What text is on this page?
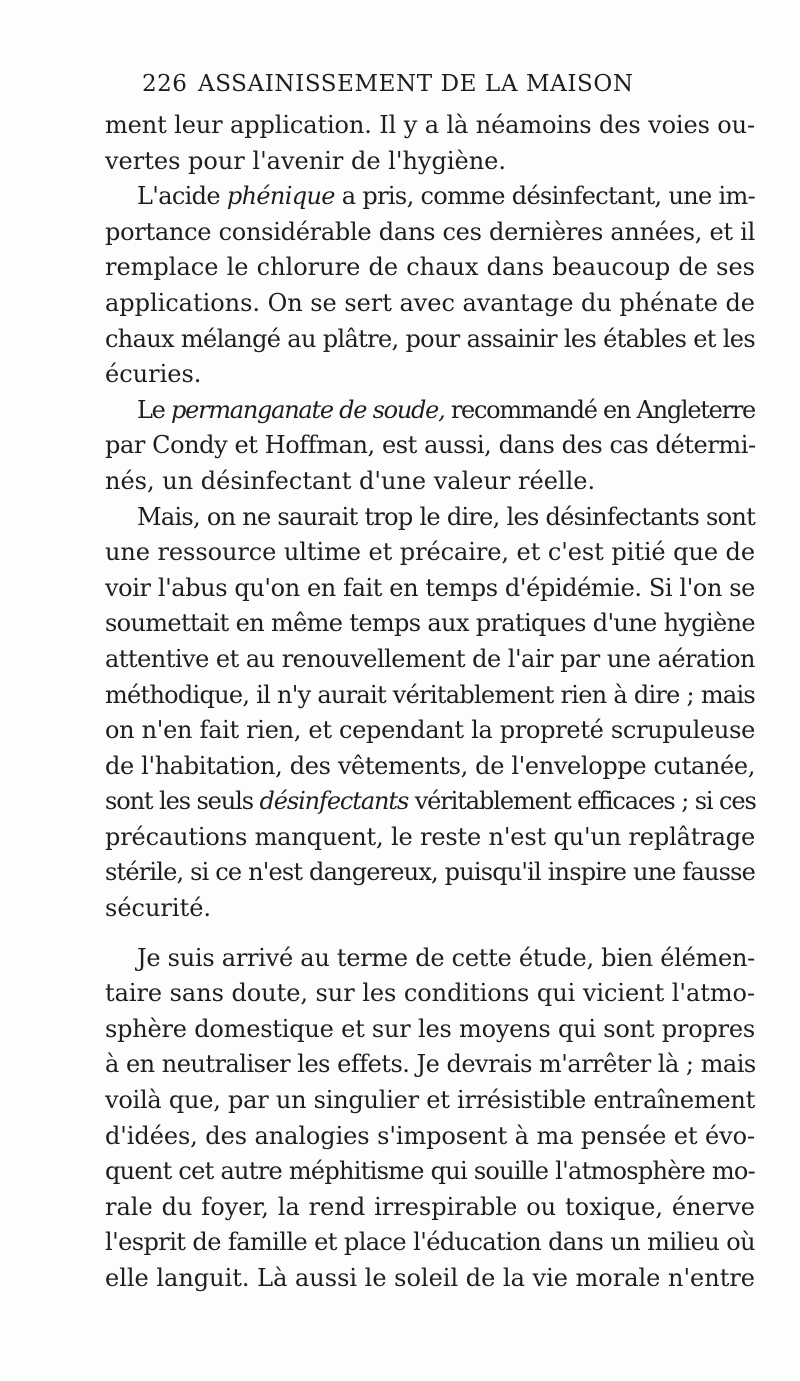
226 ASSAINISSEMENT DE LA MAISON
ment leur application. Il y a là néamoins des voies ou-
vertes pour l'avenir de l'hygiène.
L'acide phénique a pris, comme désinfectant, une im-
portance considérable dans ces dernières années, et il
remplace le chlorure de chaux dans beaucoup de ses
applications. On se sert avec avantage du phénate de
chaux mélangé au plâtre, pour assainir les étables et les
écuries.
Le permanganate de soude, recommandé en Angleterre
par Condy et Hoffman, est aussi, dans des cas détermi-
nés, un désinfectant d'une valeur réelle.
Mais, on ne saurait trop le dire, les désinfectants sont
une ressource ultime et précaire, et c'est pitié que de
voir l'abus qu'on en fait en temps d'épidémie. Si l'on se
soumettait en même temps aux pratiques d'une hygiène
attentive et au renouvellement de l'air par une aération
méthodique, il n'y aurait véritablement rien à dire ; mais
on n'en fait rien, et cependant la propreté scrupuleuse
de l'habitation, des vêtements, de l'enveloppe cutanée,
sont les seuls désinfectants véritablement efficaces ; si ces
précautions manquent, le reste n'est qu'un replâtrage
stérile, si ce n'est dangereux, puisqu'il inspire une fausse
sécurité.
Je suis arrivé au terme de cette étude, bien élémen-
taire sans doute, sur les conditions qui vicient l'atmo-
sphère domestique et sur les moyens qui sont propres
à en neutraliser les effets. Je devrais m'arrêter là ; mais
voilà que, par un singulier et irrésistible entraînement
d'idées, des analogies s'imposent à ma pensée et évo-
quent cet autre méphitisme qui souille l'atmosphère mo-
rale du foyer, la rend irrespirable ou toxique, énerve
l'esprit de famille et place l'éducation dans un milieu où
elle languit. Là aussi le soleil de la vie morale n'entre
